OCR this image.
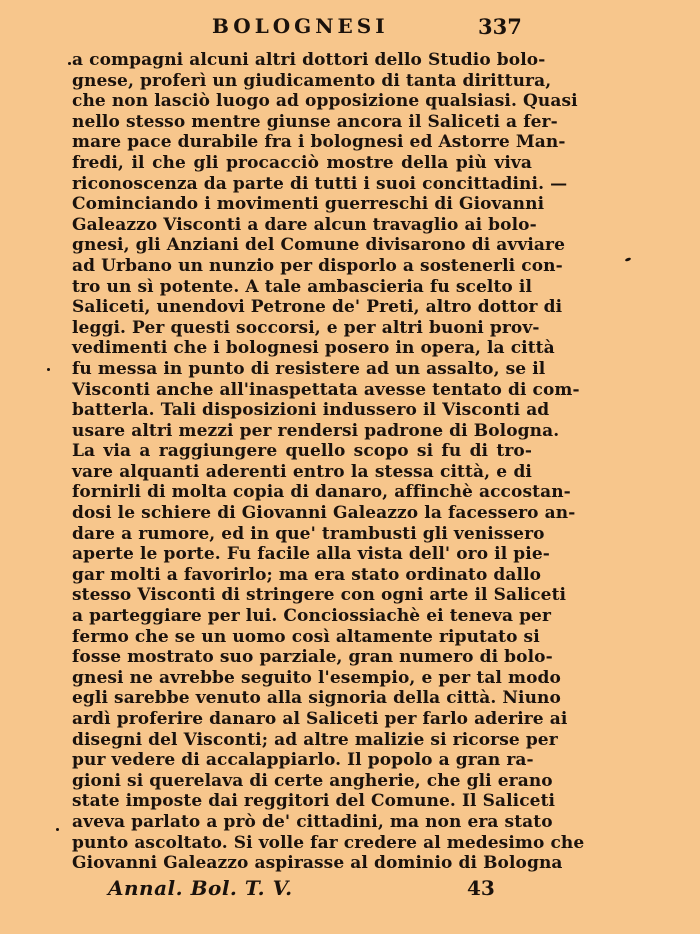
BOLOGNESI	337
a compagni alcuni altri dottori dello Studio bolo-
gnese, proferì un giudicamento di tanta dirittura,
che non lasciò luogo ad opposizione qualsiasi. Quasi
nello stesso mentre giunse ancora il Saliceti a fer-
mare pace durabile fra i bolognesi ed Astorre Man-
fredi, il che gli procacciò mostre della più viva
riconoscenza da parte di tutti i suoi concittadini. —
Cominciando i movimenti guerreschi di Giovanni
Galeazzo Visconti a dare alcun travaglio ai bolo-
gnesi, gli Anziani del Comune divisarono di avviare
ad Urbano un nunzio per disporlo a sostenerli con-
tro un sì potente. A tale ambascieria fu scelto il
Saliceti, unendovi Petrone de' Preti, altro dottor di
leggi. Per questi soccorsi, e per altri buoni prov-
vedimenti che i bolognesi posero in opera, la città
fu messa in punto di resistere ad un assalto, se il
Visconti anche all'inaspettata avesse tentato di com-
batterla. Tali disposizioni indussero il Visconti ad
usare altri mezzi per rendersi padrone di Bologna.
La via a raggiungere quello scopo si fu di tro-
vare alquanti aderenti entro la stessa città, e di
fornirli di molta copia di danaro, affinchè accostan-
dosi le schiere di Giovanni Galeazzo la facessero an-
dare a rumore, ed in que' trambusti gli venissero
aperte le porte. Fu facile alla vista dell' oro il pie-
gar molti a favorirlo; ma era stato ordinato dallo
stesso Visconti di stringere con ogni arte il Saliceti
a parteggiare per lui. Conciossiachè ei teneva per
fermo che se un uomo così altamente riputato si
fosse mostrato suo parziale, gran numero di bolo-
gnesi ne avrebbe seguito l'esempio, e per tal modo
egli sarebbe venuto alla signoria della città. Niuno
ardì proferire danaro al Saliceti per farlo aderire ai
disegni del Visconti; ad altre malizie si ricorse per
pur vedere di accalappiarlo. Il popolo a gran ra-
gioni si querelava di certe angherie, che gli erano
state imposte dai reggitori del Comune. Il Saliceti
aveva parlato a prò de' cittadini, ma non era stato
punto ascoltato. Si volle far credere al medesimo che
Giovanni Galeazzo aspirasse al dominio di Bologna
Annal. Bol. T. V.	43
